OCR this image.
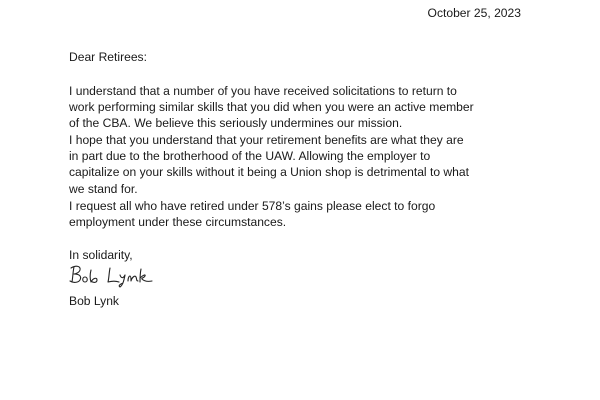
October 25, 2023
Dear Retirees:

I understand that a number of you have received solicitations to return to
work performing similar skills that you did when you were an active member
of the CBA. We believe this seriously undermines our mission.

I hope that you understand that your retirement benefits are what they are
in part due to the brotherhood of the UAW. Allowing the employer to
capitalize on your skills without it being a Union shop is detrimental to what
we stand for.

I request all who have retired under 578’s gains please elect to forgo
employment under these circumstances.

In solidarity,
Bob Lynk
